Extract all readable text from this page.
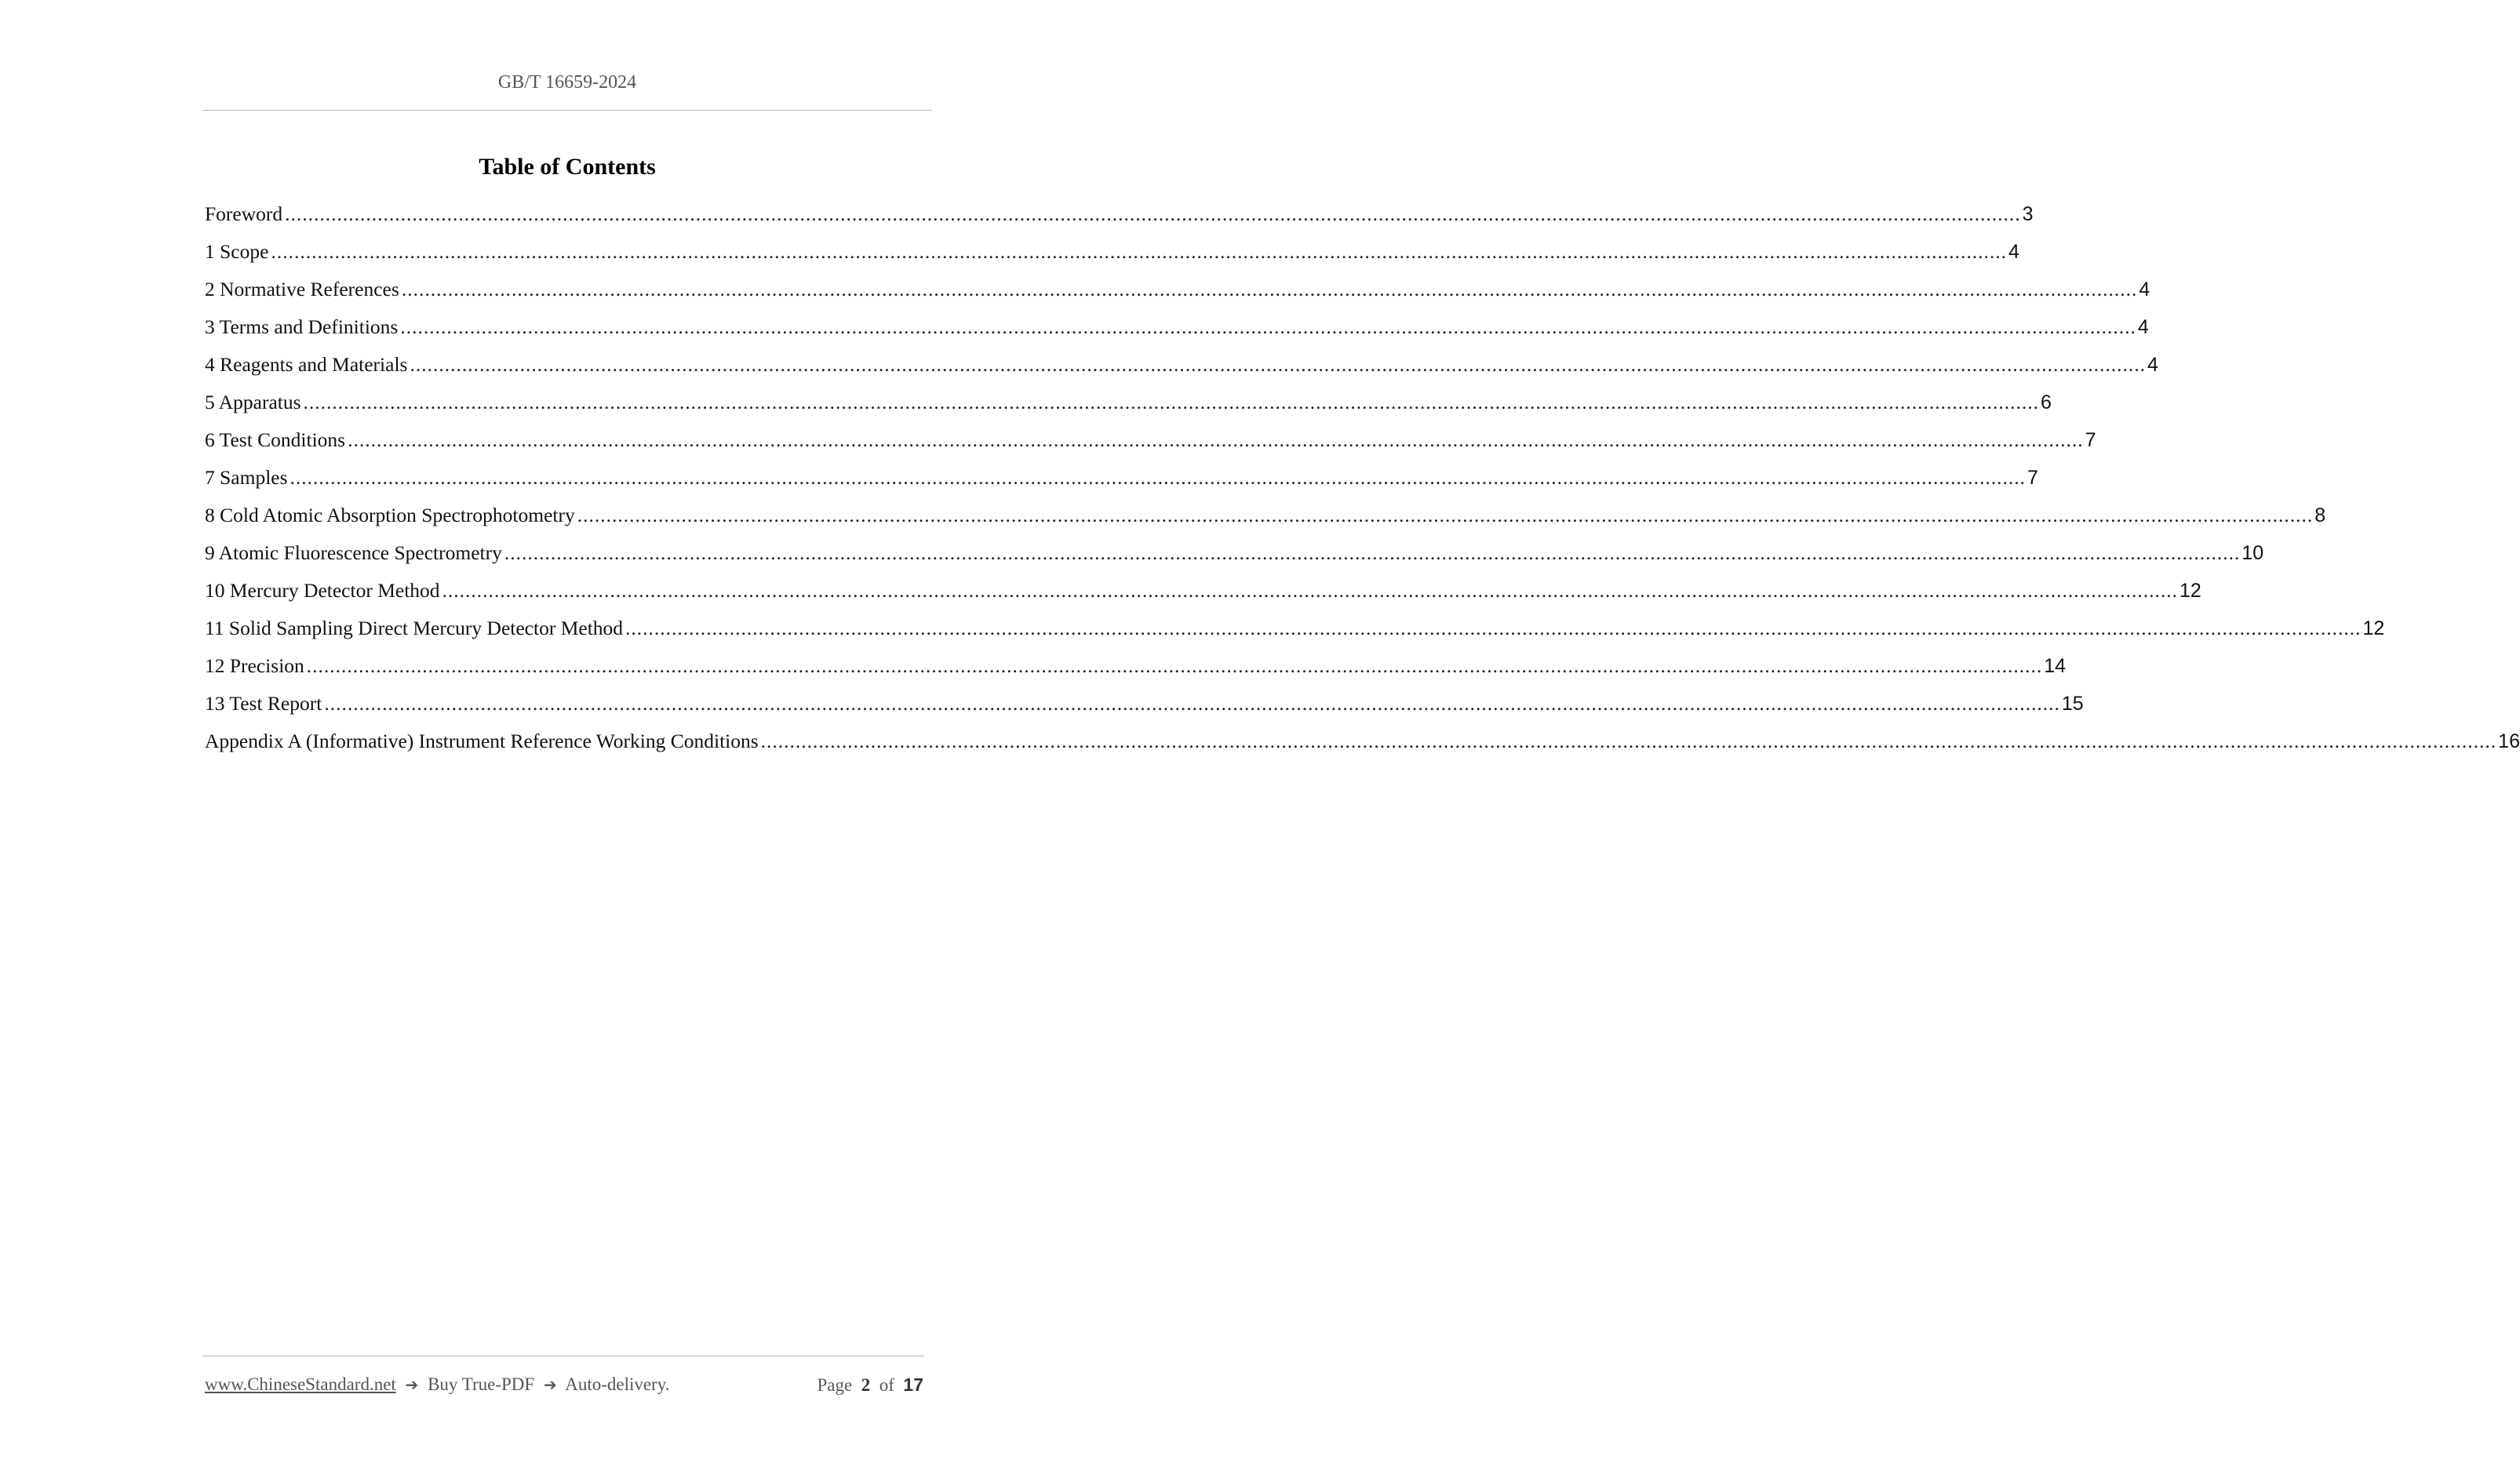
GB/T 16659-2024
Table of Contents
Foreword ............................................................................................................................................................................................................................................................................................................ 3
1 Scope ............................................................................................................................................................................................................................................................................................................ 4
2 Normative References ............................................................................................................................................................................................................................................................................................................ 4
3 Terms and Definitions ............................................................................................................................................................................................................................................................................................................ 4
4 Reagents and Materials ............................................................................................................................................................................................................................................................................................................ 4
5 Apparatus ............................................................................................................................................................................................................................................................................................................ 6
6 Test Conditions ............................................................................................................................................................................................................................................................................................................ 7
7 Samples ............................................................................................................................................................................................................................................................................................................ 7
8 Cold Atomic Absorption Spectrophotometry ............................................................................................................................................................................................................................................................................................................ 8
9 Atomic Fluorescence Spectrometry ............................................................................................................................................................................................................................................................................................................ 10
10 Mercury Detector Method ............................................................................................................................................................................................................................................................................................................ 12
11 Solid Sampling Direct Mercury Detector Method ............................................................................................................................................................................................................................................................................................................ 12
12 Precision ............................................................................................................................................................................................................................................................................................................ 14
13 Test Report ............................................................................................................................................................................................................................................................................................................ 15
Appendix A (Informative) Instrument Reference Working Conditions ............................................................................................................................................................................................................................................................................................................ 16
www.ChineseStandard.net ➔ Buy True-PDF ➔ Auto-delivery.	Page 2 of 17
